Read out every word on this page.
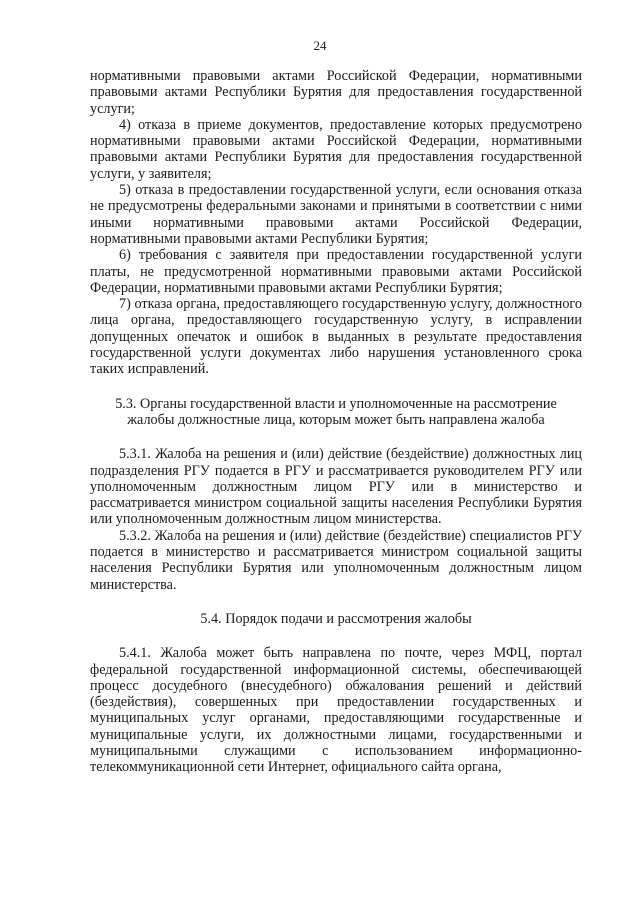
24

нормативными правовыми актами Российской Федерации, нормативными правовыми актами Республики Бурятия для предоставления государственной услуги;

4) отказа в приеме документов, предоставление которых предусмотрено нормативными правовыми актами Российской Федерации, нормативными правовыми актами Республики Бурятия для предоставления государственной услуги, у заявителя;

5) отказа в предоставлении государственной услуги, если основания отказа не предусмотрены федеральными законами и принятыми в соответствии с ними иными нормативными правовыми актами Российской Федерации, нормативными правовыми актами Республики Бурятия;

6) требования с заявителя при предоставлении государственной услуги платы, не предусмотренной нормативными правовыми актами Российской Федерации, нормативными правовыми актами Республики Бурятия;

7) отказа органа, предоставляющего государственную услугу, должностного лица органа, предоставляющего государственную услугу, в исправлении допущенных опечаток и ошибок в выданных в результате предоставления государственной услуги документах либо нарушения установленного срока таких исправлений.

5.3. Органы государственной власти и уполномоченные на рассмотрение жалобы должностные лица, которым может быть направлена жалоба

5.3.1. Жалоба на решения и (или) действие (бездействие) должностных лиц подразделения РГУ подается в РГУ и рассматривается руководителем РГУ или уполномоченным должностным лицом РГУ или в министерство и рассматривается министром социальной защиты населения Республики Бурятия или уполномоченным должностным лицом министерства.

5.3.2. Жалоба на решения и (или) действие (бездействие) специалистов РГУ подается в министерство и рассматривается министром социальной защиты населения Республики Бурятия или уполномоченным должностным лицом министерства.

5.4. Порядок подачи и рассмотрения жалобы

5.4.1. Жалоба может быть направлена по почте, через МФЦ, портал федеральной государственной информационной системы, обеспечивающей процесс досудебного (внесудебного) обжалования решений и действий (бездействия), совершенных при предоставлении государственных и муниципальных услуг органами, предоставляющими государственные и муниципальные услуги, их должностными лицами, государственными и муниципальными служащими с использованием информационно-телекоммуникационной сети Интернет, официального сайта органа,
